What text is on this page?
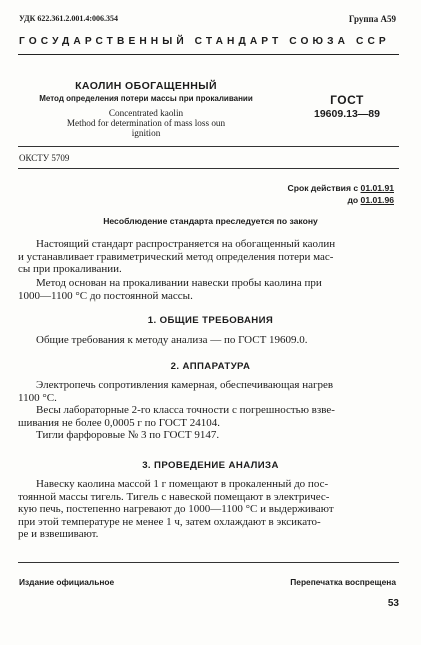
УДК 622.361.2.001.4:006.354	Группа А59
ГОСУДАРСТВЕННЫЙ СТАНДАРТ СОЮЗА ССР
КАОЛИН ОБОГАЩЕННЫЙ
Метод определения потери массы при прокаливании
Concentrated kaolin
Method for determination of mass loss oun
ignition
ГОСТ
19609.13—89
ОКСТУ 5709
Срок действия с 01.01.91
до 01.01.96
Несоблюдение стандарта преследуется по закону
Настоящий стандарт распространяется на обогащенный каолин
и устанавливает гравиметрический метод определения потери мас-
сы при прокаливании.
Метод основан на прокаливании навески пробы каолина при
1000—1100 °С до постоянной массы.
1. ОБЩИЕ ТРЕБОВАНИЯ
Общие требования к методу анализа — по ГОСТ 19609.0.
2. АППАРАТУРА
Электропечь сопротивления камерная, обеспечивающая нагрев
1100 °С.
Весы лабораторные 2-го класса точности с погрешностью взве-
шивания не более 0,0005 г по ГОСТ 24104.
Тигли фарфоровые № 3 по ГОСТ 9147.
3. ПРОВЕДЕНИЕ АНАЛИЗА
Навеску каолина массой 1 г помещают в прокаленный до пос-
тоянной массы тигель. Тигель с навеской помещают в электричес-
кую печь, постепенно нагревают до 1000—1100 °С и выдерживают
при этой температуре не менее 1 ч, затем охлаждают в эксикато-
ре и взвешивают.
Издание официальное	Перепечатка воспрещена
53
